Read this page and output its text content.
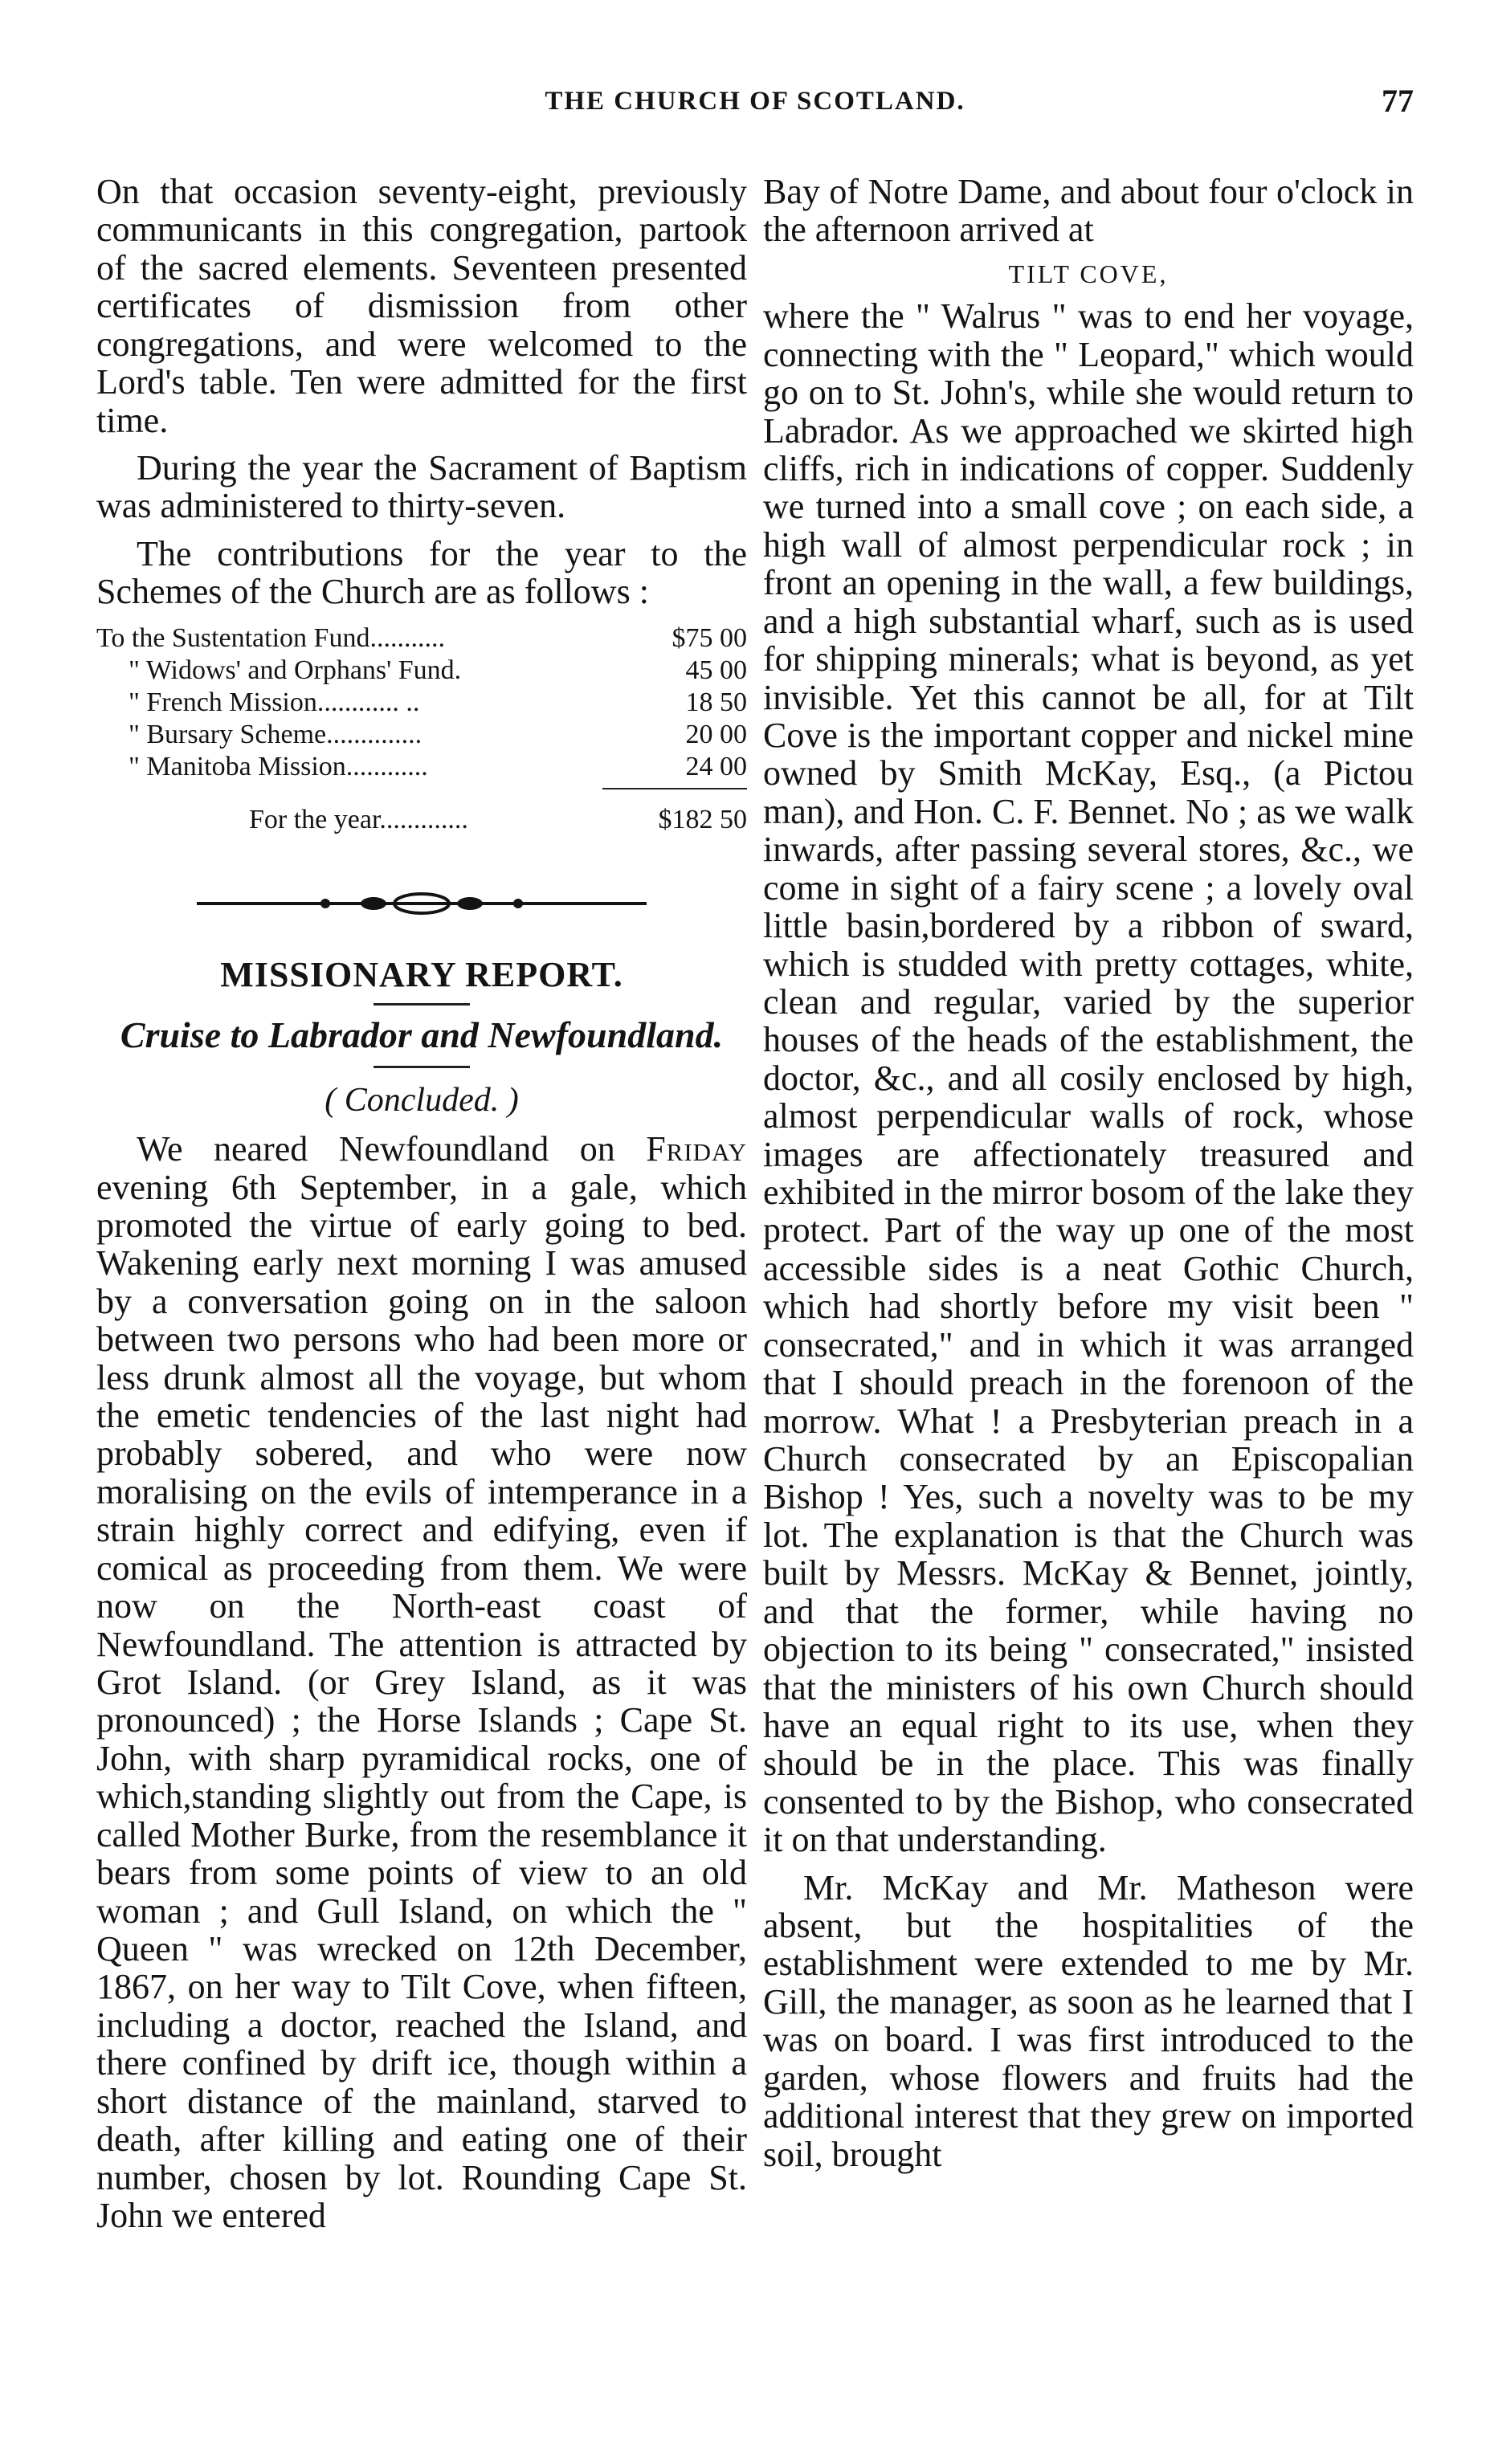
THE CHURCH OF SCOTLAND.	77

On that occasion seventy-eight, previously communicants in this congregation, partook of the sacred elements. Seventeen presented certificates of dismission from other congregations, and were welcomed to the Lord's table. Ten were admitted for the first time.

During the year the Sacrament of Baptism was administered to thirty-seven.

The contributions for the year to the Schemes of the Church are as follows :

To the Sustentation Fund...........	$75 00
" Widows' and Orphans' Fund.	45 00
" French Mission............ ..	18 50
" Bursary Scheme..............	20 00
" Manitoba Mission............	24 00
For the year.............	$182 50
MISSIONARY REPORT.
Cruise to Labrador and Newfoundland.
( Concluded. )

We neared Newfoundland on Friday evening 6th September, in a gale, which promoted the virtue of early going to bed. Wakening early next morning I was amused by a conversation going on in the saloon between two persons who had been more or less drunk almost all the voyage, but whom the emetic tendencies of the last night had probably sobered, and who were now moralising on the evils of intemperance in a strain highly correct and edifying, even if comical as proceeding from them. We were now on the North-east coast of Newfoundland. The attention is attracted by Grot Island. (or Grey Island, as it was pronounced) ; the Horse Islands ; Cape St. John, with sharp pyramidical rocks, one of which,standing slightly out from the Cape, is called Mother Burke, from the resemblance it bears from some points of view to an old woman ; and Gull Island, on which the " Queen " was wrecked on 12th December, 1867, on her way to Tilt Cove, when fifteen, including a doctor, reached the Island, and there confined by drift ice, though within a short distance of the mainland, starved to death, after killing and eating one of their number, chosen by lot. Rounding Cape St. John we entered

Bay of Notre Dame, and about four o'clock in the afternoon arrived at

TILT COVE,

where the " Walrus " was to end her voyage, connecting with the " Leopard," which would go on to St. John's, while she would return to Labrador. As we approached we skirted high cliffs, rich in indications of copper. Suddenly we turned into a small cove ; on each side, a high wall of almost perpendicular rock ; in front an opening in the wall, a few buildings, and a high substantial wharf, such as is used for shipping minerals; what is beyond, as yet invisible. Yet this cannot be all, for at Tilt Cove is the important copper and nickel mine owned by Smith McKay, Esq., (a Pictou man), and Hon. C. F. Bennet. No ; as we walk inwards, after passing several stores, &c., we come in sight of a fairy scene ; a lovely oval little basin,bordered by a ribbon of sward, which is studded with pretty cottages, white, clean and regular, varied by the superior houses of the heads of the establishment, the doctor, &c., and all cosily enclosed by high, almost perpendicular walls of rock, whose images are affectionately treasured and exhibited in the mirror bosom of the lake they protect. Part of the way up one of the most accessible sides is a neat Gothic Church, which had shortly before my visit been " consecrated," and in which it was arranged that I should preach in the forenoon of the morrow. What ! a Presbyterian preach in a Church consecrated by an Episcopalian Bishop ! Yes, such a novelty was to be my lot. The explanation is that the Church was built by Messrs. McKay & Bennet, jointly, and that the former, while having no objection to its being " consecrated," insisted that the ministers of his own Church should have an equal right to its use, when they should be in the place. This was finally consented to by the Bishop, who consecrated it on that understanding.

Mr. McKay and Mr. Matheson were absent, but the hospitalities of the establishment were extended to me by Mr. Gill, the manager, as soon as he learned that I was on board. I was first introduced to the garden, whose flowers and fruits had the additional interest that they grew on imported soil, brought
